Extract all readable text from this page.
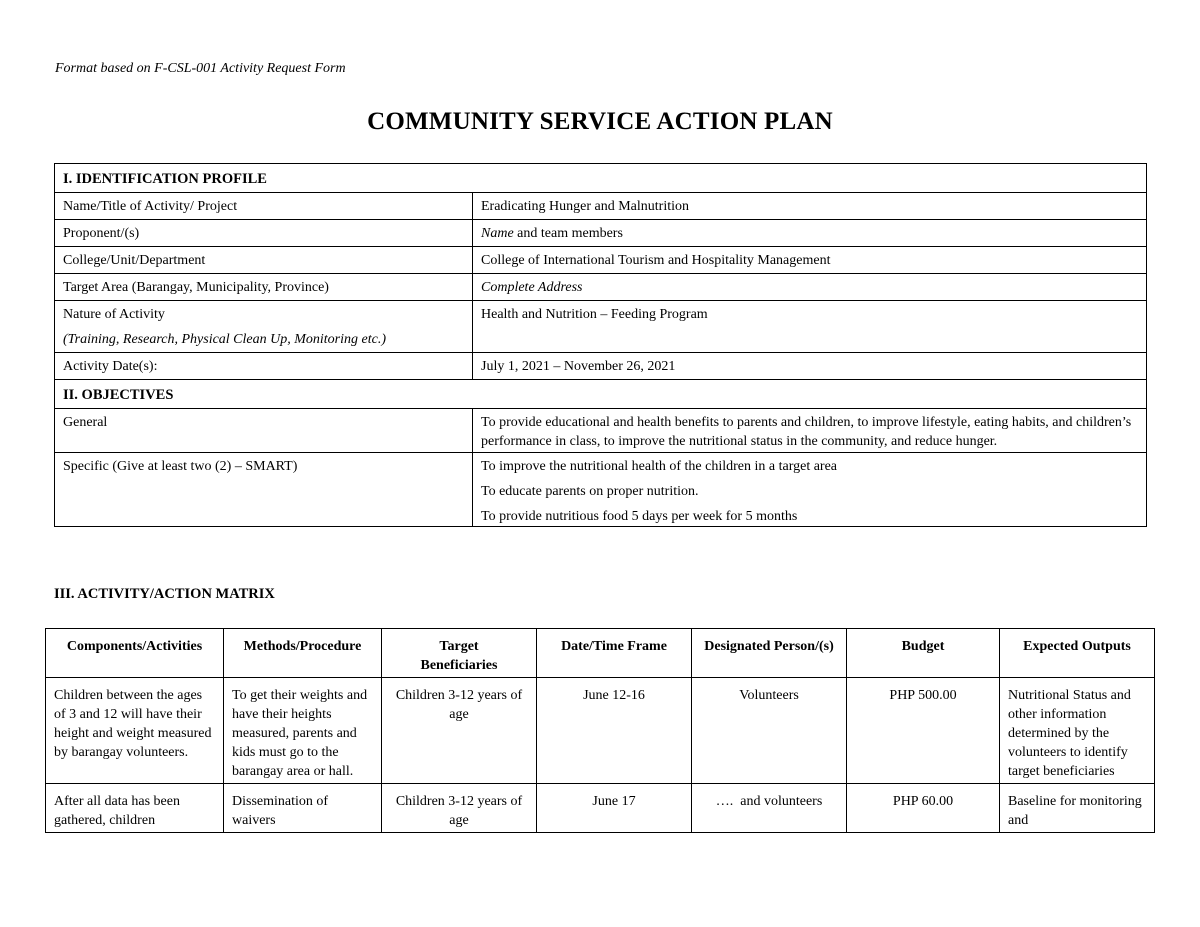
Format based on F-CSL-001 Activity Request Form
COMMUNITY SERVICE ACTION PLAN
I. IDENTIFICATION PROFILE	
Name/Title of Activity/ Project	Eradicating Hunger and Malnutrition
Proponent/(s)	Name and team members
College/Unit/Department	College of International Tourism and Hospitality Management
Target Area (Barangay, Municipality, Province)	Complete Address

Nature of Activity
(Training, Research, Physical Clean Up, Monitoring etc.)	Health and Nutrition – Feeding Program
Activity Date(s):	July 1, 2021 – November 26, 2021
II. OBJECTIVES	
General	To provide educational and health benefits to parents and children, to improve lifestyle, eating habits, and children’s performance in class, to improve the nutritional status in the community, and reduce hunger.
Specific (Give at least two (2) – SMART)	To improve the nutritional health of the children in a target area
To educate parents on proper nutrition.
To provide nutritious food 5 days per week for 5 months
III. ACTIVITY/ACTION MATRIX
Components/Activities	Methods/Procedure	Target Beneficiaries	Date/Time Frame	Designated Person/(s)	Budget	Expected Outputs
Children between the ages of 3 and 12 will have their height and weight measured by barangay volunteers.	To get their weights and have their heights measured, parents and kids must go to the barangay area or hall.	Children 3-12 years of age	June 12-16	Volunteers	PHP 500.00	Nutritional Status and other information determined by the volunteers to identify target beneficiaries
After all data has been gathered, children	Dissemination of waivers	Children 3-12 years of age	June 17	….  and volunteers	PHP 60.00	Baseline for monitoring and
